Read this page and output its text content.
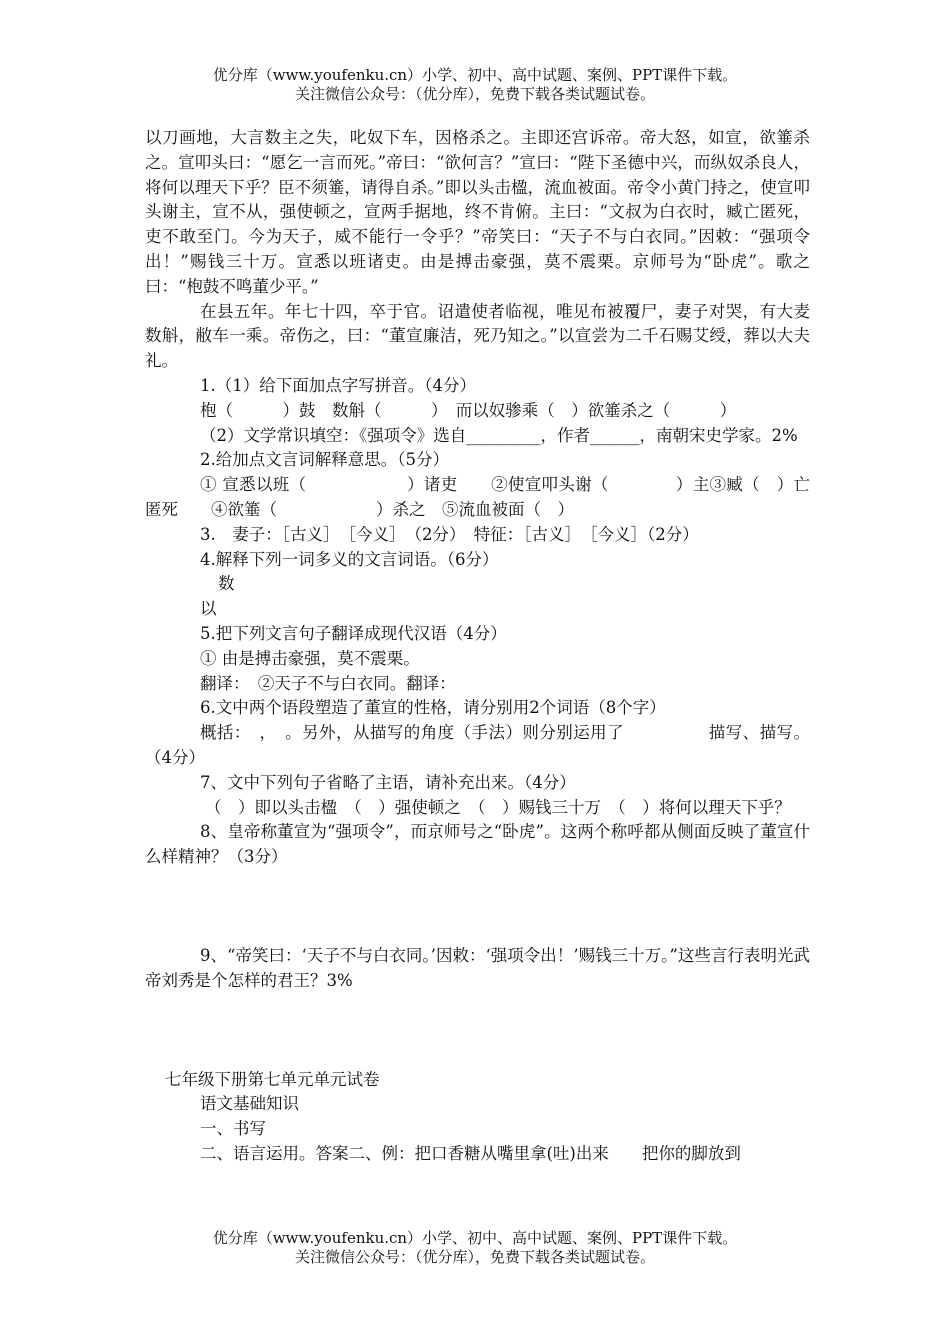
优分库（www.youfenku.cn）小学、初中、高中试题、案例、PPT课件下载。
关注微信公众号：（优分库），免费下载各类试题试卷。

以刀画地，大言数主之失，叱奴下车，因格杀之。主即还宫诉帝。帝大怒，如宣，欲箠杀之。宣叩头曰：“愿乞一言而死。”帝曰：“欲何言？”宣曰：“陛下圣德中兴，而纵奴杀良人，将何以理天下乎？臣不须箠，请得自杀。”即以头击楹，流血被面。帝令小黄门持之，使宣叩头谢主，宣不从，强使顿之，宣两手据地，终不肯俯。主曰：“文叔为白衣时，臧亡匿死，吏不敢至门。今为天子，威不能行一令乎？”帝笑曰：“天子不与白衣同。”因敕：“强项令出！”赐钱三十万。宣悉以班诸吏。由是搏击豪强，莫不震栗。京师号为“卧虎”。歌之曰：“枹鼓不鸣董少平。”

在县五年。年七十四，卒于官。诏遣使者临视，唯见布被覆尸，妻子对哭，有大麦数斛，敝车一乘。帝伤之，曰：“董宣廉洁，死乃知之。”以宣尝为二千石赐艾绶，葬以大夫礼。

1.（1）给下面加点字写拼音。（4分）

枹（　　　）鼓　数斛（　　　）　而以奴骖乘（　）欲箠杀之（　　　）

（2）文学常识填空：《强项令》选自_________，作者______，南朝宋史学家。2%

2.给加点文言词解释意思。（5分）

① 宣悉以班（　　　　　　）诸吏　　②使宣叩头谢（　　　　）主③臧（　）亡匿死　　④欲箠（　　　　　　）杀之　⑤流血被面（　）

3.　妻子：［古义］　［今义］　（2分）　特征：［古义］　［今义］（2分）

4.解释下列一词多义的文言词语。（6分）

数

以

5.把下列文言句子翻译成现代汉语（4分）

① 由是搏击豪强，莫不震栗。

翻译：　②天子不与白衣同。翻译：

6.文中两个语段塑造了董宣的性格，请分别用2个词语（8个字）

概括：　，　。另外，从描写的角度（手法）则分别运用了　　　　　描写、描写。（4分）

7、文中下列句子省略了主语，请补充出来。（4分）

（　）即以头击楹　（　）强使顿之　（　）赐钱三十万　（　）将何以理天下乎？

8、皇帝称董宣为“强项令”，而京师号之“卧虎”。这两个称呼都从侧面反映了董宣什么样精神？（3分）

9、“帝笑曰：‘天子不与白衣同。’因敕：‘强项令出！’赐钱三十万。”这些言行表明光武帝刘秀是个怎样的君王？3%

七年级下册第七单元单元试卷

语文基础知识

一、书写

二、语言运用。答案二、例：把口香糖从嘴里拿(吐)出来　　把你的脚放到

优分库（www.youfenku.cn）小学、初中、高中试题、案例、PPT课件下载。
关注微信公众号：（优分库），免费下载各类试题试卷。
